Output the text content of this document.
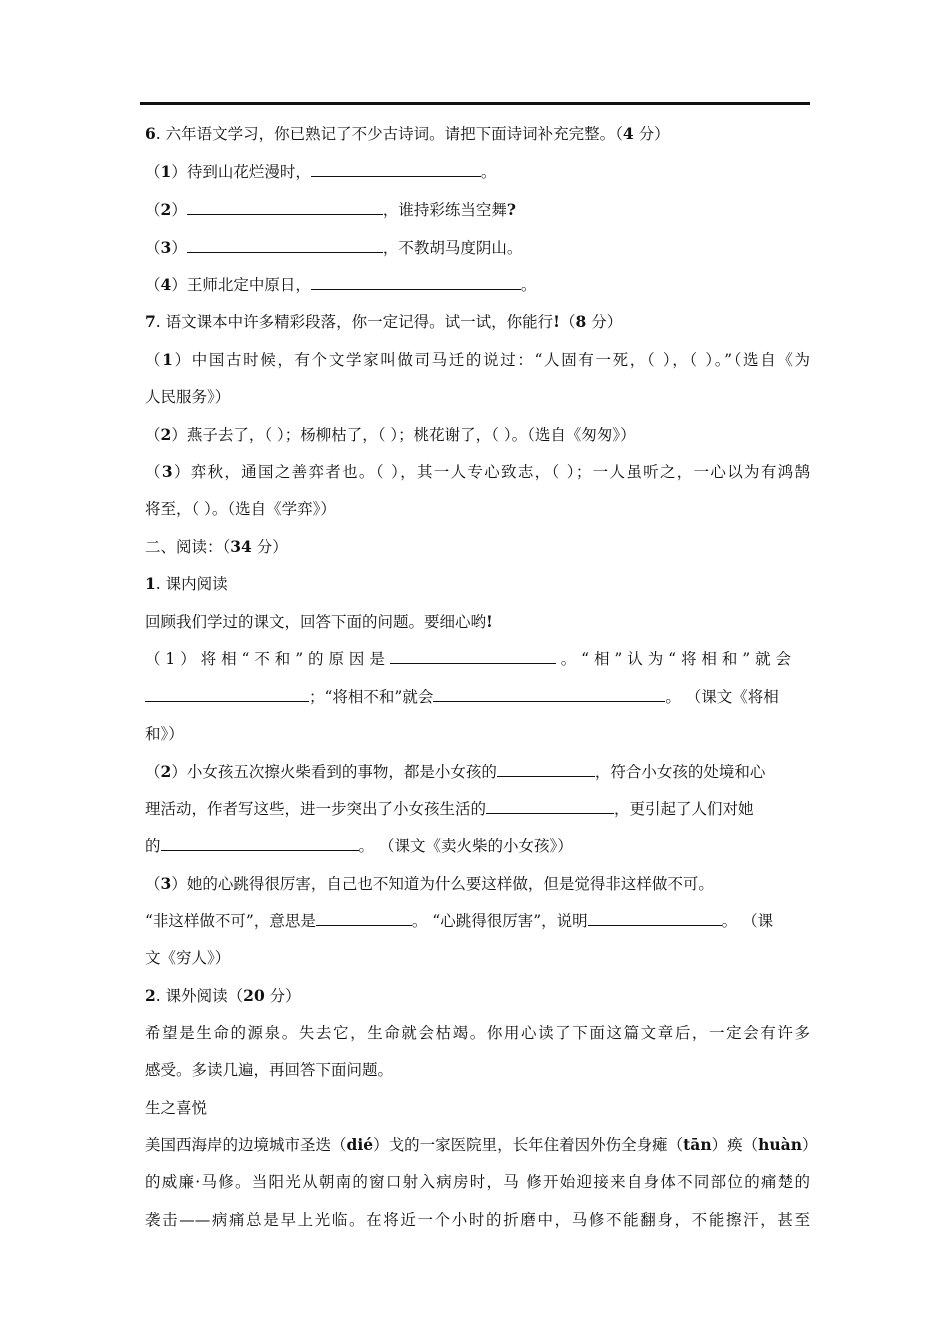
6. 六年语文学习，你已熟记了不少古诗词。请把下面诗词补充完整。（4 分）
（1）待到山花烂漫时，	。
（2）	，谁持彩练当空舞?
（3）	，不教胡马度阴山。
（4）王师北定中原日，	。
7. 语文课本中许多精彩段落，你一定记得。试一试，你能行!（8 分）
（1）中国古时候，有个文学家叫做司马迁的说过：“人固有一死，（ ），（ ）。”（选自《为
人民服务》）
（2）燕子去了，（ ）；杨柳枯了，（ ）；桃花谢了，（ ）。（选自《匆匆》）
（3）弈秋，通国之善弈者也。（ ），其一人专心致志，（ ）；一人虽听之，一心以为有鸿鹄
将至，（ ）。（选自《学弈》）
二、阅读：（34 分）
1. 课内阅读
回顾我们学过的课文，回答下面的问题。要细心哟!
（ 1 ） 将 相 “ 不 和 ” 的 原 因 是	。 “ 相 ” 认 为 “ 将 相 和 ” 就 会
；“将相不和”就会	。 （课文《将相
和》）
（2）小女孩五次擦火柴看到的事物，都是小女孩的	，符合小女孩的处境和心
理活动，作者写这些，进一步突出了小女孩生活的	，更引起了人们对她
的	。 （课文《卖火柴的小女孩》）
（3）她的心跳得很厉害，自己也不知道为什么要这样做，但是觉得非这样做不可。
“非这样做不可”，意思是	。 “心跳得很厉害”，说明	。 （课
文《穷人》）
2. 课外阅读（20 分）
希望是生命的源泉。失去它，生命就会枯竭。你用心读了下面这篇文章后，一定会有许多
感受。多读几遍，再回答下面问题。
生之喜悦
美国西海岸的边境城市圣迭（dié）戈的一家医院里，长年住着因外伤全身瘫（tān）痪（huàn）
的威廉·马修。当阳光从朝南的窗口射入病房时，马 修开始迎接来自身体不同部位的痛楚的
袭击——病痛总是早上光临。在将近一个小时的折磨中，马修不能翻身，不能擦汗，甚至
